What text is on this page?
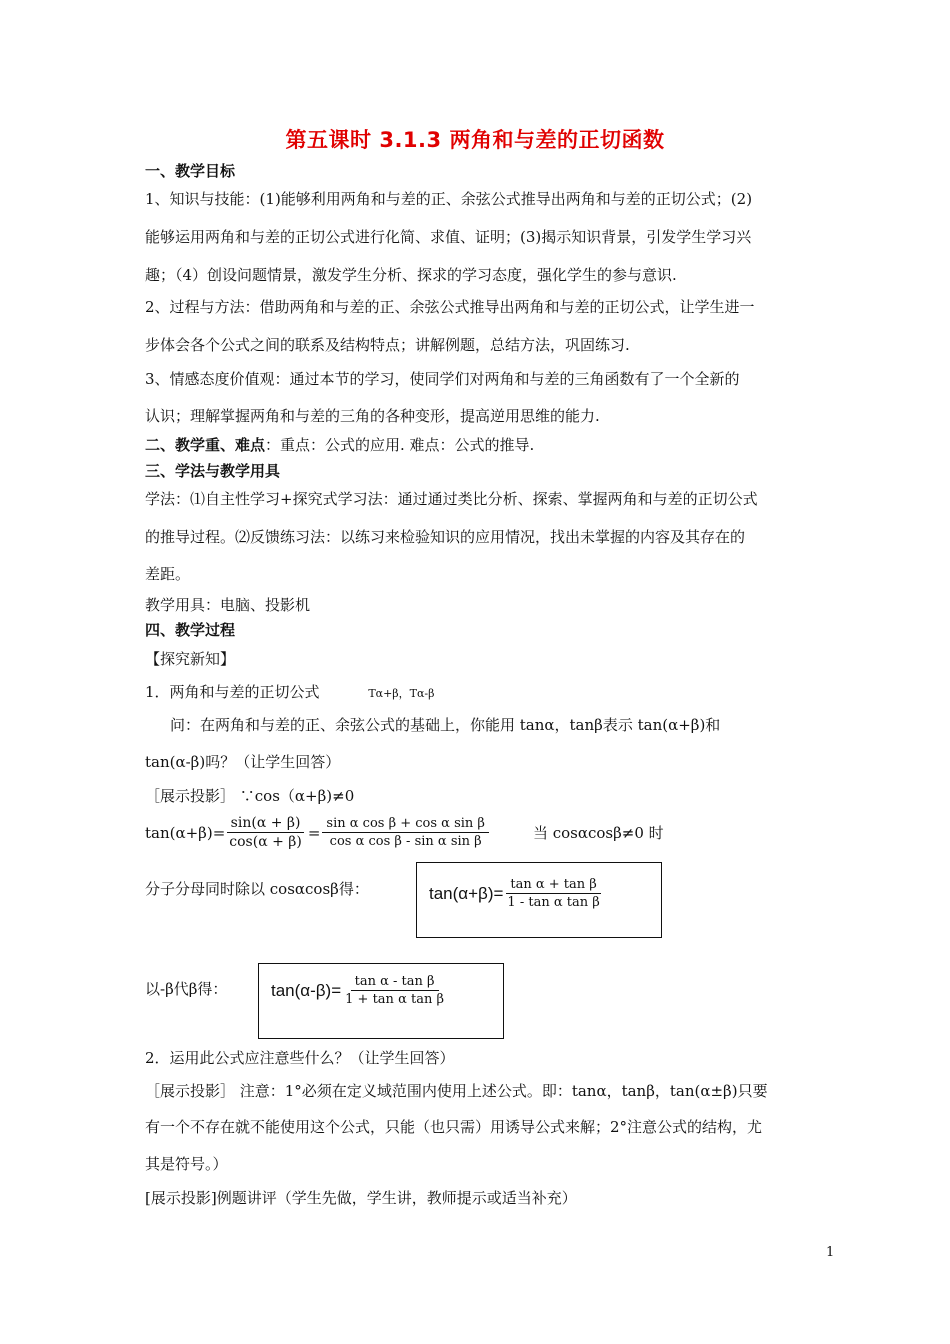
第五课时 3.1.3 两角和与差的正切函数
一、教学目标
1、知识与技能：(1)能够利用两角和与差的正、余弦公式推导出两角和与差的正切公式；(2)
能够运用两角和与差的正切公式进行化简、求值、证明；(3)揭示知识背景，引发学生学习兴
趣；（4）创设问题情景，激发学生分析、探求的学习态度，强化学生的参与意识.
2、过程与方法：借助两角和与差的正、余弦公式推导出两角和与差的正切公式，让学生进一
步体会各个公式之间的联系及结构特点；讲解例题，总结方法，巩固练习.
3、情感态度价值观：通过本节的学习，使同学们对两角和与差的三角函数有了一个全新的
认识；理解掌握两角和与差的三角的各种变形，提高逆用思维的能力.
二、教学重、难点：重点：公式的应用. 难点：公式的推导.
三、学法与教学用具
学法：⑴自主性学习+探究式学习法：通过通过类比分析、探索、掌握两角和与差的正切公式
的推导过程。⑵反馈练习法：以练习来检验知识的应用情况，找出未掌握的内容及其存在的
差距。
教学用具：电脑、投影机
四、教学过程
【探究新知】
1．两角和与差的正切公式	Tα+β，Tα-β
问：在两角和与差的正、余弦公式的基础上，你能用 tanα，tanβ表示 tan(α+β)和
tan(α-β)吗？（让学生回答）
［展示投影］ ∵cos（α+β)≠0
$\tan(\alpha+\beta)= \frac{\sin(\alpha + \beta)}{\cos(\alpha + \beta)} = \frac{\text{sin α cos β + cos α sin β}}{\text{cos α cos β - sin α sin β}}$	当 cosαcosβ≠0 时
分子分母同时除以 cosαcosβ得：	$\tan(\alpha+\beta)= \frac{\text{tan α + tan β}}{\text{1 - tan α tan β}}$
以-β代β得：	$\tan(\alpha-\beta)= \frac{\text{tan α - tan β}}{\text{1 + tan α tan β}}$
2．运用此公式应注意些什么？（让学生回答）
［展示投影］ 注意：1°必须在定义域范围内使用上述公式。即：tanα，tanβ，tan(α±β)只要
有一个不存在就不能使用这个公式，只能（也只需）用诱导公式来解；2°注意公式的结构，尤
其是符号。）
[展示投影]例题讲评（学生先做，学生讲，教师提示或适当补充）
1
